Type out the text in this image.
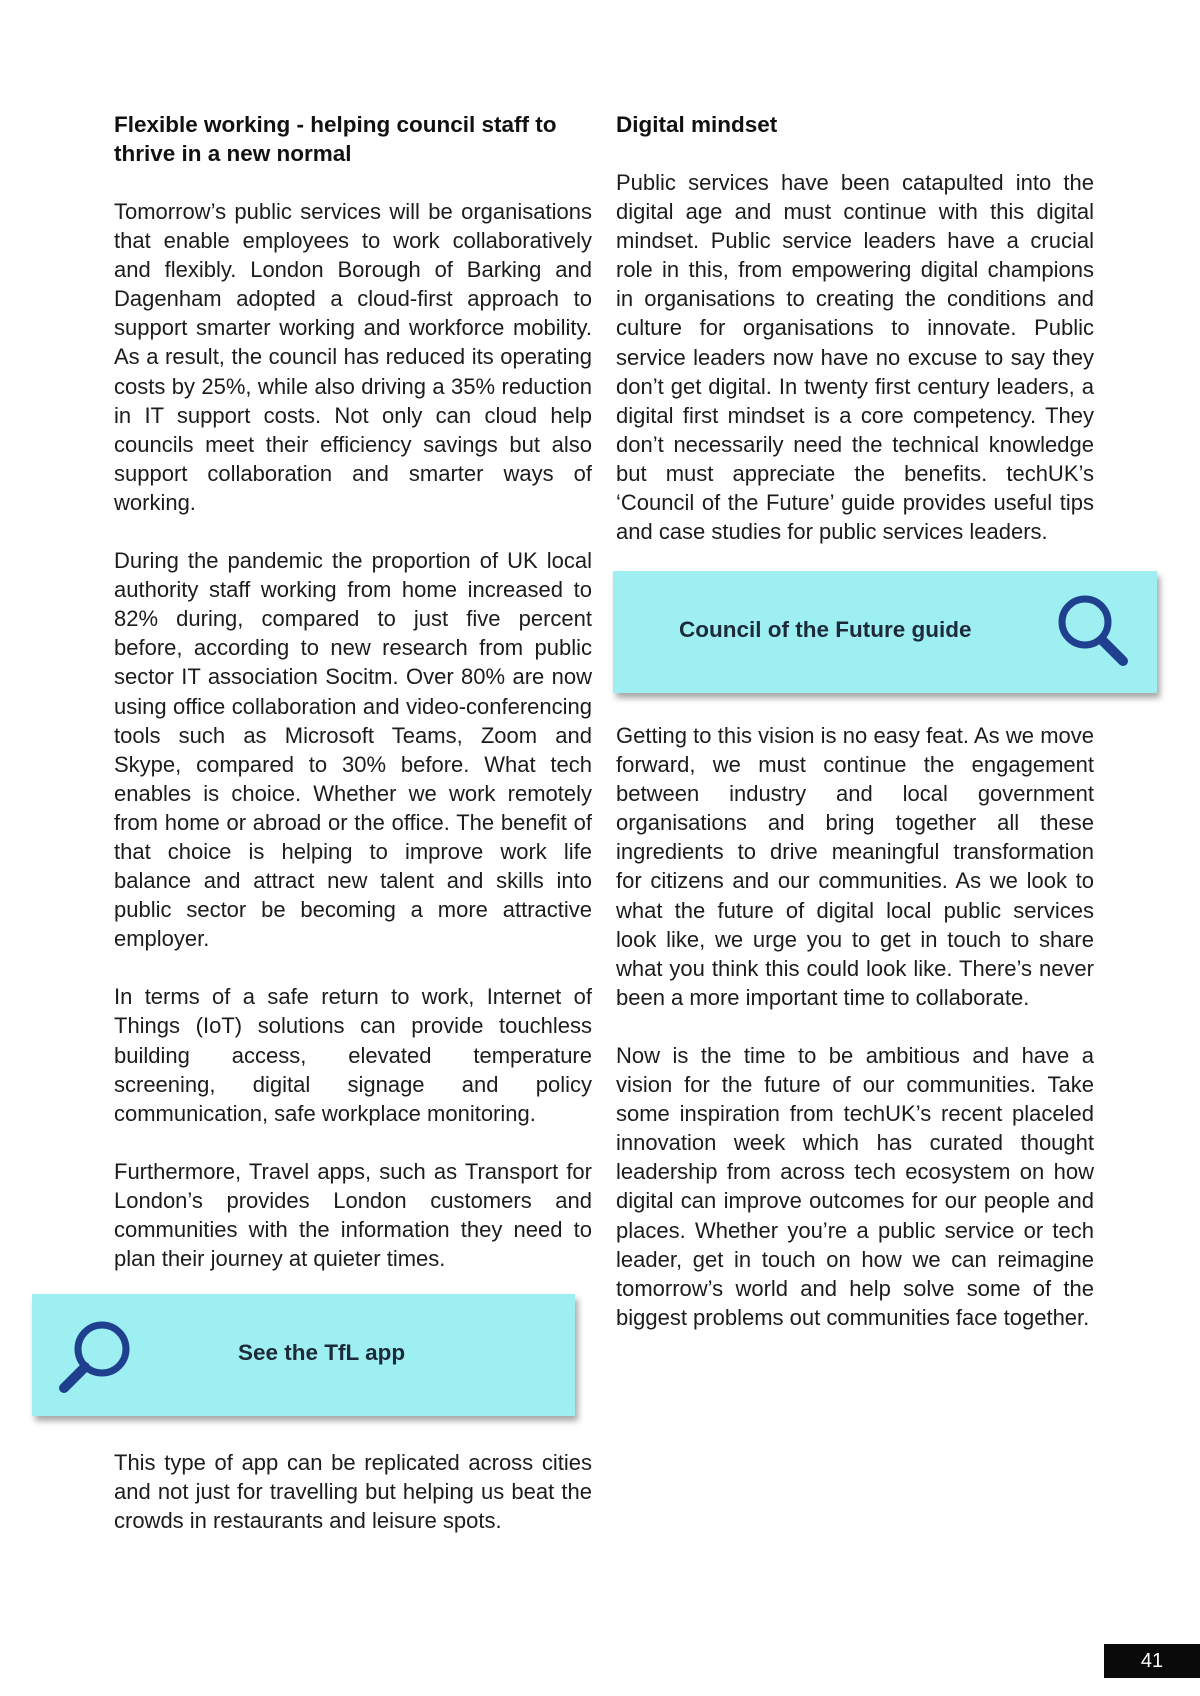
Flexible working - helping council staff to thrive in a new normal

Tomorrow’s public services will be organisations that enable employees to work collaboratively and flexibly. London Borough of Barking and Dagenham adopted a cloud-first approach to support smarter working and workforce mobility. As a result, the council has reduced its operating costs by 25%, while also driving a 35% reduction in IT support costs. Not only can cloud help councils meet their efficiency savings but also support collaboration and smarter ways of working.

During the pandemic the proportion of UK local authority staff working from home increased to 82% during, compared to just five percent before, according to new research from public sector IT association Socitm. Over 80% are now using office collaboration and video-conferencing tools such as Microsoft Teams, Zoom and Skype, compared to 30% before. What tech enables is choice. Whether we work remotely from home or abroad or the office. The benefit of that choice is helping to improve work life balance and attract new talent and skills into public sector be becoming a more attractive employer.

In terms of a safe return to work, Internet of Things (IoT) solutions can provide touchless building access, elevated temperature screening, digital signage and policy communication, safe workplace monitoring.

Furthermore, Travel apps, such as Transport for London’s provides London customers and communities with the information they need to plan their journey at quieter times.

See the TfL app

This type of app can be replicated across cities and not just for travelling but helping us beat the crowds in restaurants and leisure spots.

Digital mindset

Public services have been catapulted into the digital age and must continue with this digital mindset. Public service leaders have a crucial role in this, from empowering digital champions in organisations to creating the conditions and culture for organisations to innovate. Public service leaders now have no excuse to say they don’t get digital. In twenty first century leaders, a digital first mindset is a core competency. They don’t necessarily need the technical knowledge but must appreciate the benefits. techUK’s ‘Council of the Future’ guide provides useful tips and case studies for public services leaders.

Council of the Future guide

Getting to this vision is no easy feat. As we move forward, we must continue the engagement between industry and local government organisations and bring together all these ingredients to drive meaningful transformation for citizens and our communities. As we look to what the future of digital local public services look like, we urge you to get in touch to share what you think this could look like. There’s never been a more important time to collaborate.

Now is the time to be ambitious and have a vision for the future of our communities. Take some inspiration from techUK’s recent placeled innovation week which has curated thought leadership from across tech ecosystem on how digital can improve outcomes for our people and places. Whether you’re a public service or tech leader, get in touch on how we can reimagine tomorrow’s world and help solve some of the biggest problems out communities face together.

41
